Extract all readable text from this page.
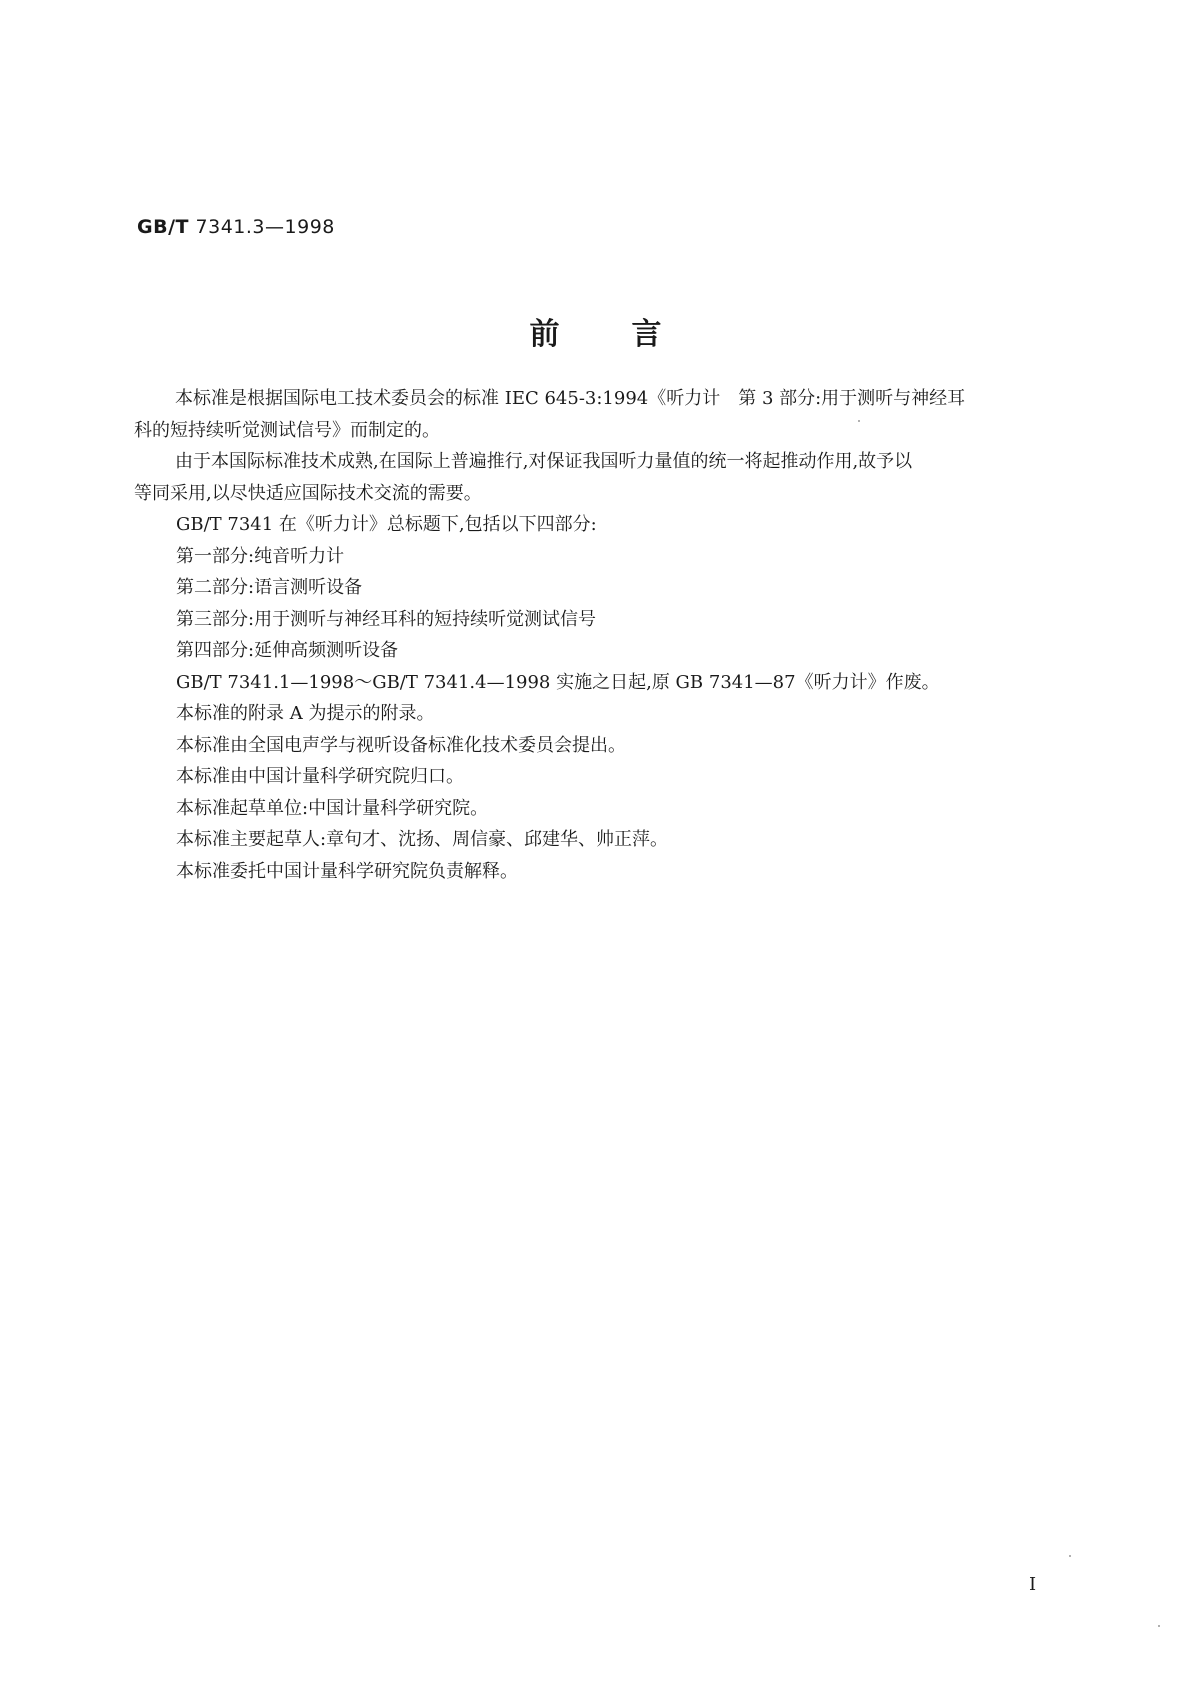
GB/T 7341.3—1998
前言
本标准是根据国际电工技术委员会的标准 IEC 645-3:1994《听力计　第 3 部分:用于测听与神经耳
科的短持续听觉测试信号》而制定的。
由于本国际标准技术成熟,在国际上普遍推行,对保证我国听力量值的统一将起推动作用,故予以
等同采用,以尽快适应国际技术交流的需要。
GB/T 7341 在《听力计》总标题下,包括以下四部分:
第一部分:纯音听力计
第二部分:语言测听设备
第三部分:用于测听与神经耳科的短持续听觉测试信号
第四部分:延伸高频测听设备
GB/T 7341.1—1998～GB/T 7341.4—1998 实施之日起,原 GB 7341—87《听力计》作废。
本标准的附录 A 为提示的附录。
本标准由全国电声学与视听设备标准化技术委员会提出。
本标准由中国计量科学研究院归口。
本标准起草单位:中国计量科学研究院。
本标准主要起草人:章句才、沈扬、周信豪、邱建华、帅正萍。
本标准委托中国计量科学研究院负责解释。
I
